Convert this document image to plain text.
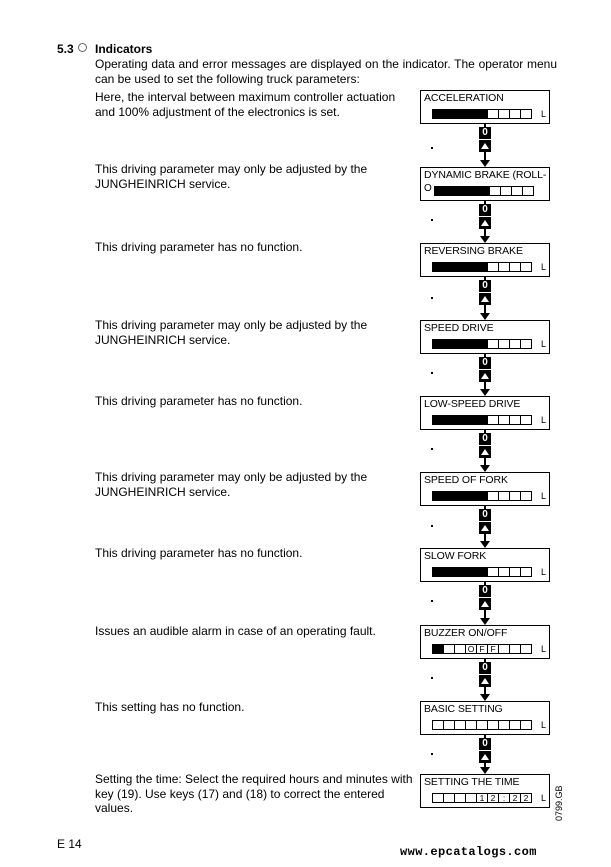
5.3 Indicators
Operating data and error messages are displayed on the indicator. The operator menu can be used to set the following truck parameters:
Here, the interval between maximum controller actuation and 100% adjustment of the electronics is set.
ACCELERATION
L
0
This driving parameter may only be adjusted by the JUNGHEINRICH service.
DYNAMIC BRAKE (ROLL-
O
0
This driving parameter has no function.	REVERSING BRAKE
L
0
This driving parameter may only be adjusted by the JUNGHEINRICH service.
SPEED DRIVE
L
0
This driving parameter has no function.	LOW-SPEED DRIVE
L
0
This driving parameter may only be adjusted by the JUNGHEINRICH service.
SPEED OF FORK
L
0
This driving parameter has no function.	SLOW FORK
L
0
Issues an audible alarm in case of an operating fault.	BUZZER ON/OFF
O F F	L
0
This setting has no function.	BASIC SETTING
L
0
Setting the time: Select the required hours and minutes with key (19). Use keys (17) and (18) to correct the entered values.
SETTING THE TIME
1 2 : 2 2	L
E 14
0799.GB
www.epcatalogs.com
